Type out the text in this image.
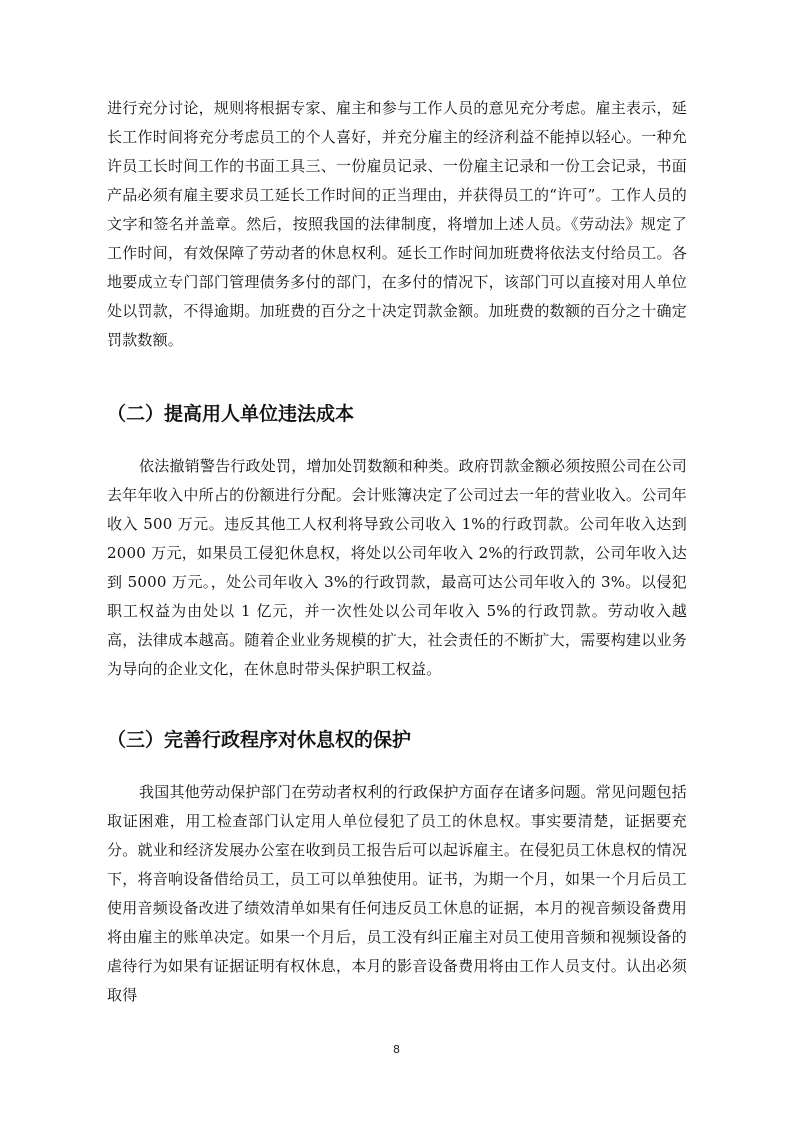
进行充分讨论，规则将根据专家、雇主和参与工作人员的意见充分考虑。雇主表示，延长工作时间将充分考虑员工的个人喜好，并充分雇主的经济利益不能掉以轻心。一种允许员工长时间工作的书面工具三、一份雇员记录、一份雇主记录和一份工会记录，书面产品必须有雇主要求员工延长工作时间的正当理由，并获得员工的“许可”。工作人员的文字和签名并盖章。然后，按照我国的法律制度，将增加上述人员。《劳动法》规定了工作时间，有效保障了劳动者的休息权利。延长工作时间加班费将依法支付给员工。各地要成立专门部门管理债务多付的部门，在多付的情况下，该部门可以直接对用人单位处以罚款，不得逾期。加班费的百分之十决定罚款金额。加班费的数额的百分之十确定罚款数额。

（二）提高用人单位违法成本

依法撤销警告行政处罚，增加处罚数额和种类。政府罚款金额必须按照公司在公司去年年收入中所占的份额进行分配。会计账簿决定了公司过去一年的营业收入。公司年收入 500 万元。违反其他工人权利将导致公司收入 1%的行政罚款。公司年收入达到 2000 万元，如果员工侵犯休息权，将处以公司年收入 2%的行政罚款，公司年收入达到 5000 万元。，处公司年收入 3%的行政罚款，最高可达公司年收入的 3%。以侵犯职工权益为由处以 1 亿元，并一次性处以公司年收入 5%的行政罚款。劳动收入越高，法律成本越高。随着企业业务规模的扩大，社会责任的不断扩大，需要构建以业务为导向的企业文化，在休息时带头保护职工权益。

（三）完善行政程序对休息权的保护

我国其他劳动保护部门在劳动者权利的行政保护方面存在诸多问题。常见问题包括取证困难，用工检查部门认定用人单位侵犯了员工的休息权。事实要清楚，证据要充分。就业和经济发展办公室在收到员工报告后可以起诉雇主。在侵犯员工休息权的情况下，将音响设备借给员工，员工可以单独使用。证书，为期一个月，如果一个月后员工使用音频设备改进了绩效清单如果有任何违反员工休息的证据，本月的视音频设备费用将由雇主的账单决定。如果一个月后，员工没有纠正雇主对员工使用音频和视频设备的虐待行为如果有证据证明有权休息，本月的影音设备费用将由工作人员支付。认出必须取得

8
